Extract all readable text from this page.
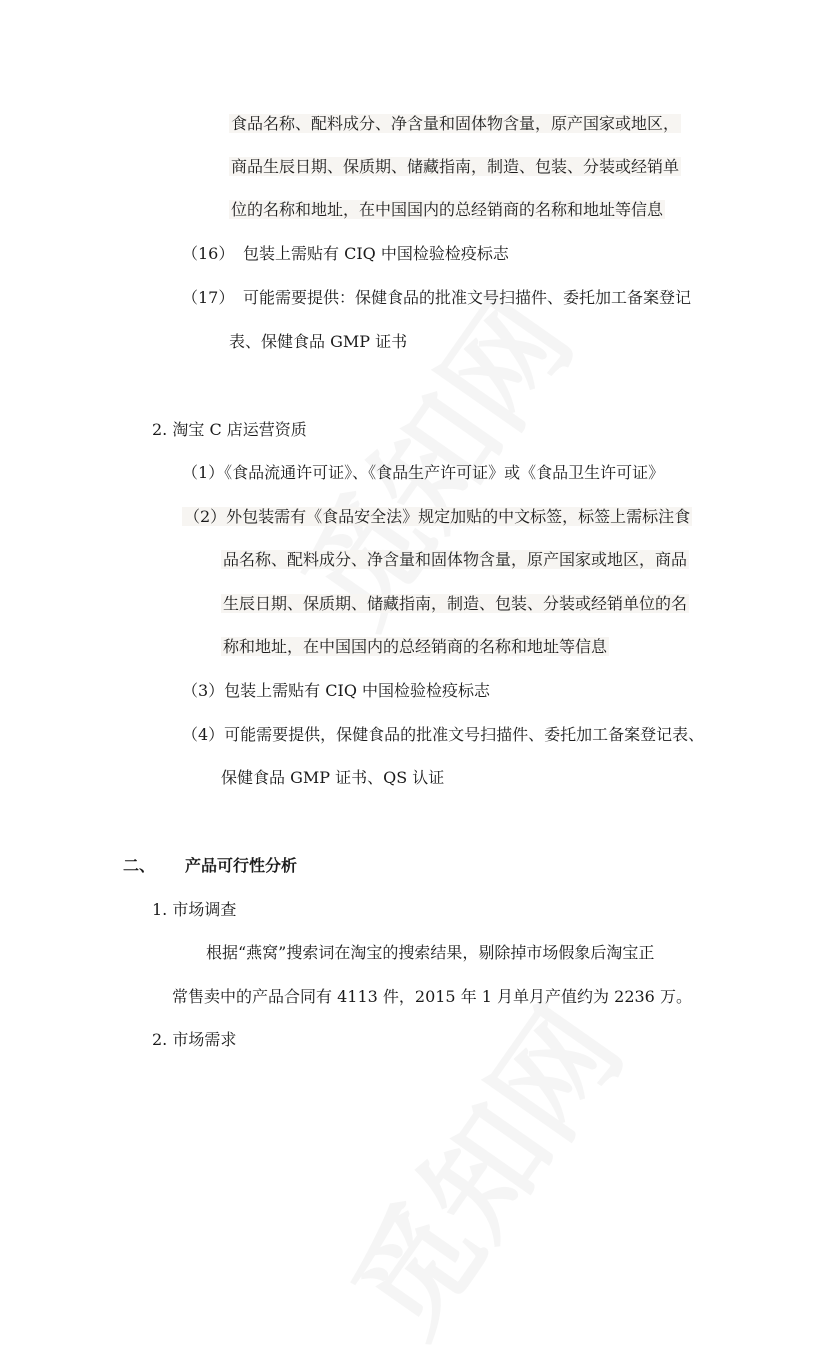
食品名称、配料成分、净含量和固体物含量，原产国家或地区，
商品生辰日期、保质期、储藏指南，制造、包装、分装或经销单
位的名称和地址，在中国国内的总经销商的名称和地址等信息
（16） 包装上需贴有 CIQ 中国检验检疫标志
（17） 可能需要提供：保健食品的批准文号扫描件、委托加工备案登记
表、保健食品 GMP 证书
2. 淘宝 C 店运营资质
（1）《食品流通许可证》、《食品生产许可证》或《食品卫生许可证》
（2）外包装需有《食品安全法》规定加贴的中文标签，标签上需标注食
品名称、配料成分、净含量和固体物含量，原产国家或地区，商品
生辰日期、保质期、储藏指南，制造、包装、分装或经销单位的名
称和地址，在中国国内的总经销商的名称和地址等信息
（3）包装上需贴有 CIQ 中国检验检疫标志
（4）可能需要提供，保健食品的批准文号扫描件、委托加工备案登记表、
保健食品 GMP 证书、QS 认证
二、 产品可行性分析
1. 市场调查
根据“燕窝”搜索词在淘宝的搜索结果，剔除掉市场假象后淘宝正
常售卖中的产品合同有 4113 件，2015 年 1 月单月产值约为 2236 万。
2. 市场需求
